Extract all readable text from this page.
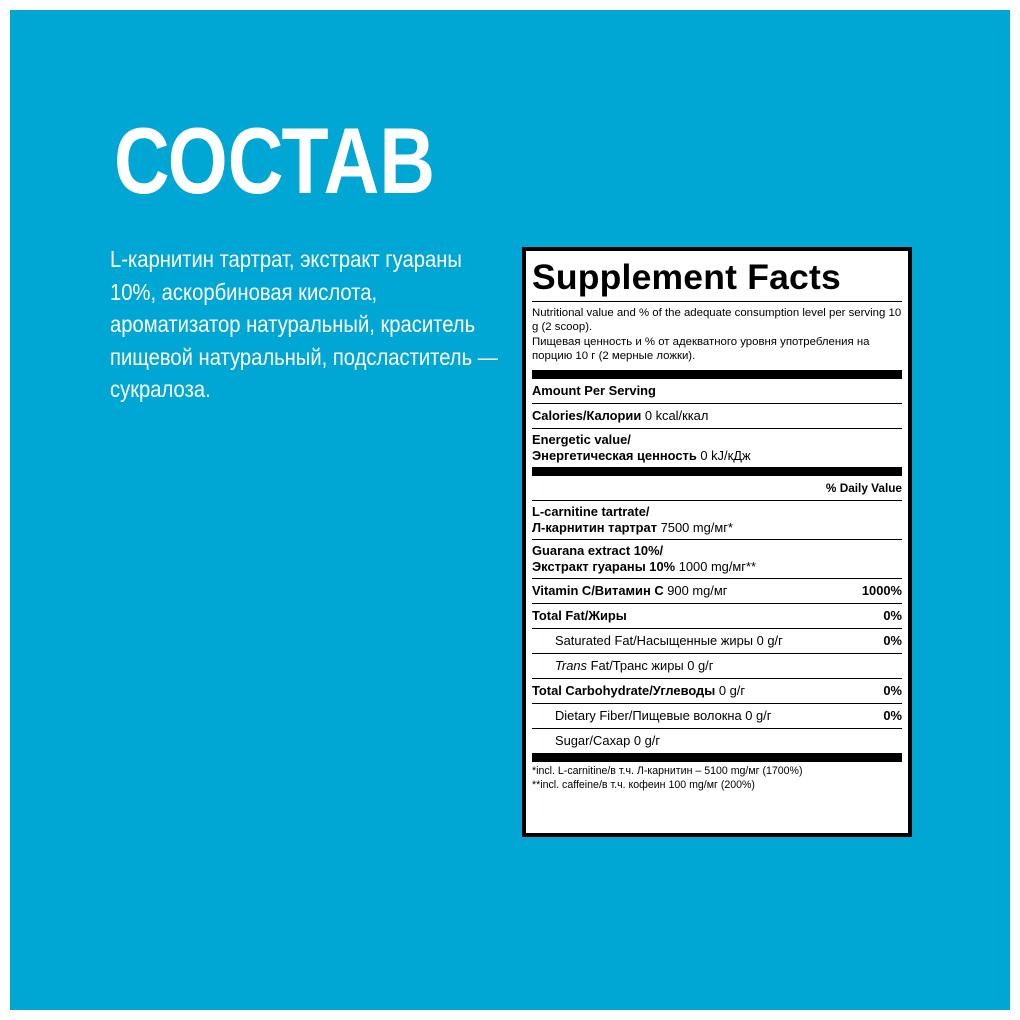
СОСТАВ

L-карнитин тартрат, экстракт гуараны 10%, аскорбиновая кислота, ароматизатор натуральный, краситель пищевой натуральный, подсластитель — сукралоза.

Supplement Facts
Nutritional value and % of the adequate consumption level per serving 10 g (2 scoop).
Пищевая ценность и % от адекватного уровня употребления на порцию 10 г (2 мерные ложки).
Amount Per Serving
Calories/Калории 0 kcal/ккал
Energetic value/
Энергетическая ценность 0 kJ/кДж
% Daily Value
L-carnitine tartrate/
Л-карнитин тартрат 7500 mg/мг*
Guarana extract 10%/
Экстракт гуараны 10% 1000 mg/мг**
Vitamin C/Витамин С 900 mg/мг	1000%
Total Fat/Жиры	0%
Saturated Fat/Насыщенные жиры 0 g/г	0%
Trans Fat/Транс жиры 0 g/г
Total Carbohydrate/Углеводы 0 g/г	0%
Dietary Fiber/Пищевые волокна 0 g/г	0%
Sugar/Сахар 0 g/г
*incl. L-carnitine/в т.ч. Л-карнитин – 5100 mg/мг (1700%)
**incl. caffeine/в т.ч. кофеин 100 mg/мг (200%)
